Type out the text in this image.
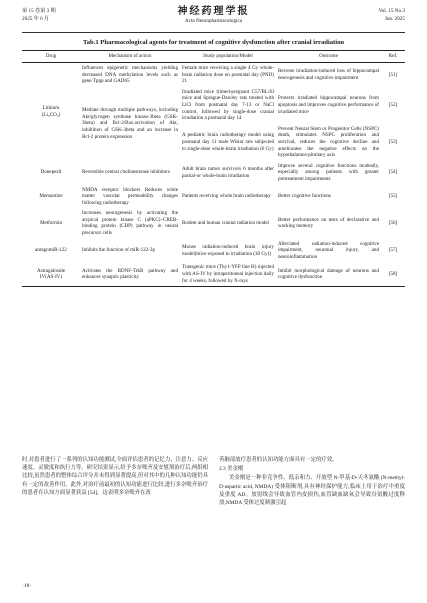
第 15 卷第 3 期
2025 年 6 月
神经药理学报
Acta Neuropharmacologica
Vol. 15 No.3
Jun. 2025
Tab.1 Pharmacological agents for treatment of cognitive dysfunction after cranial irradiation
Drug	Mechanism of action	Study population/Model	Outcome	Ref.
Lithium
(Li₂CO₃)	Influences epigenetic mechanisms yielding decreased DNA methylation levels such as gene Tppp and GAD65	Female mice receiving a single 4 Gy whole-brain radiation dose on postnatal day (PND) 21	Reverse irradiation-induced loss of hippocampal neurogenesis and cognitive impairment	[51]
	Mediate through multiple pathways, including Akt/glycogen synthase kinase-3beta (GSK-3beta) and Bcl-2/Bax.activation of Akt, inhibition of GSK-3beta and an increase in Bcl-2 protein expression	Irradiated mice (timed-pregnant C57/BL/6J mice and Sprague-Dawley rats treated with LiCl from postnatal day 7-13 or NaCl control, followed by single-dose cranial irradiation a postnatal day 14	Protects irradiated hippocampal neurons from apoptosis and improves cognitive performance of irradiated mice	[52]
		A pediatric brain radiotherapy model using postnatal day 11 male Wistar rats subjected to single-dose whole-brain irradiation (6 Gy)	Prevent Neural Stem or Progenitor Cells (NSPC) death, stimulates NSPC proliferation and survival, reduces the cognitive decline and ameliorates the negative effects on the hypothalamus-pituitary axis	[53]
Donepezil	Reversible central cholinesterase inhibitors	Adult brain tumor survivors 6 months after partial-or whole-brain irradiation	Improve several cognitive functions modestly, especially among patients with greater pretreatment impairments	[54]
Memantine	NMDA receptor blockers Reduces white matter vascular permeability changes following radiotherapy	Patients receiving whole brain radiotherapy	Better cognitive functions	[55]
Metformin	Increases neurogenesis by activating the atypical protein kinase C (aPKC)–CREB-binding protein (CBP) pathway in neural precursor cells	Rodent and human cranial radiation model	Better performance on tests of declarative and working memory	[56]
antagomiR-122	Inhibits the function of miR-122-3p	Mouse radiation-induced brain injury model(mice exposed to irradiation (30 Gy))	Alleviated radiation-induced cognitive impairment, neuronal injury, and neuroinflammation	[57]
Astragaloside
IV(AS-IV)	Activates the BDNF-TrkB pathway and enhances synaptic plasticity	Transgenic mice (Thy1-YFP line H) injected with AS-IV by intraperitoneal injection daily for 4 weeks, followed by X-rays	Inhibit morphological damage of neurons and cognitive dysfunction	[58]
时,对患者进行了一系列的认知功能测试,全面评估患者的记忆力、注意力、反应速度、灵敏度和执行力等。研究结果显示,给予多奈哌齐及安慰剂治疗后,两组相比较,虽然患者的整体综合评分并未得到显著提高,但对其中的几种认知功能仍具有一定的改善作用。此外,对治疗前最初的认知功能进行比较,进行多奈哌齐治疗的患者在认知方面显著获益 [54]。这表明多奈哌齐在改
善脑部放疗患者的认知功能方面具有一定的疗效。
2.3 美金刚
美金刚是一种非竞争性、低亲和力、开放型 N-甲基-D-天冬氨酸 (N-methyl-D-aspartic acid, NMDA) 受体阻断剂,具有神经保护能力,临床上用于治疗中重度及重度 AD。放射线会导致血管内皮损伤,血管缺血缺氧会导致谷氨酸过度释放,NMDA 受体过度刺激引起
·18·
